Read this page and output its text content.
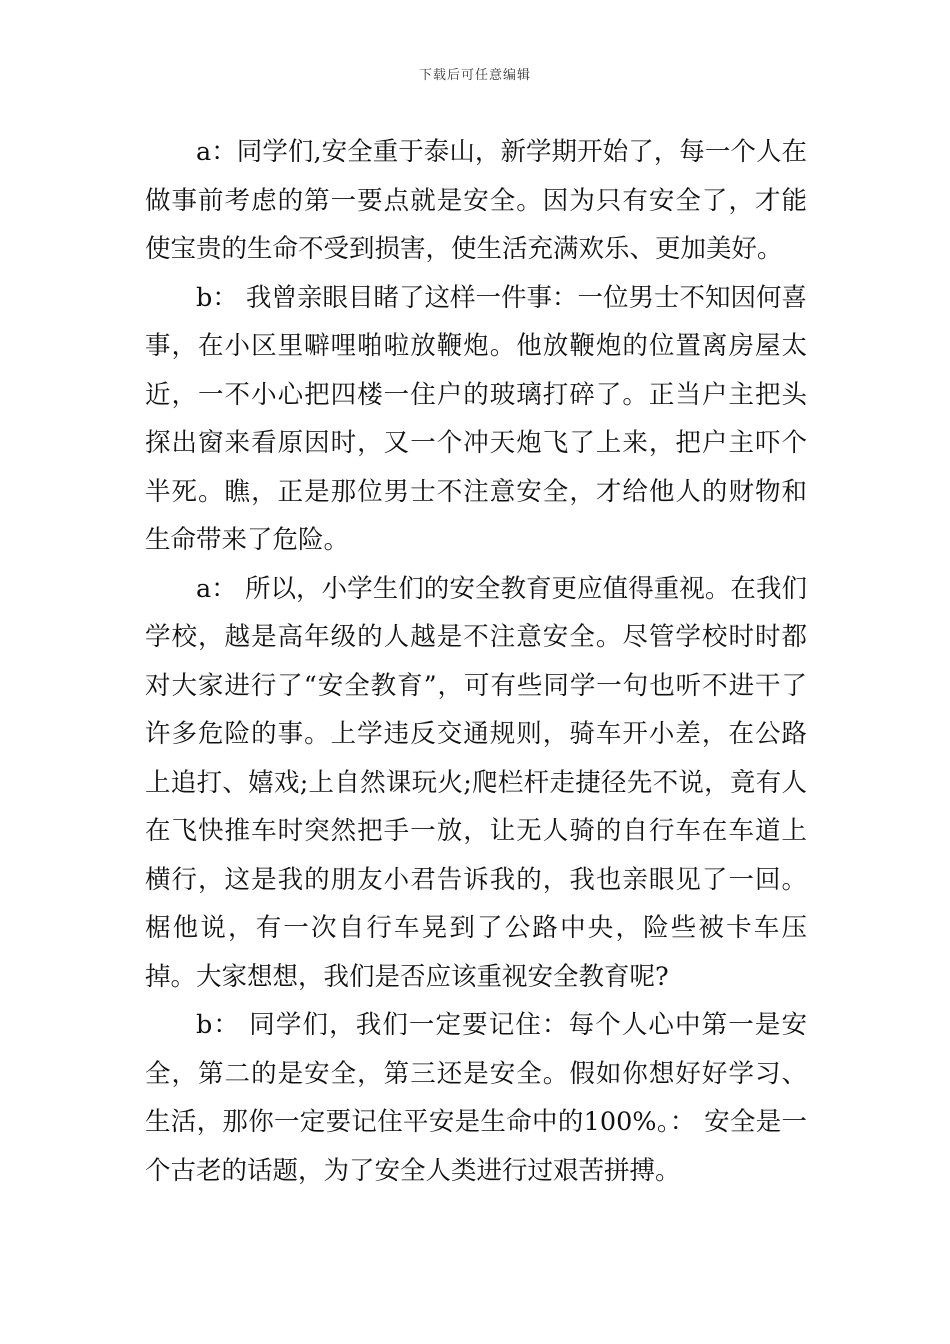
下载后可任意编辑

a：同学们,安全重于泰山，新学期开始了，每一个人在做事前考虑的第一要点就是安全。因为只有安全了，才能使宝贵的生命不受到损害，使生活充满欢乐、更加美好。

b： 我曾亲眼目睹了这样一件事：一位男士不知因何喜事，在小区里噼哩啪啦放鞭炮。他放鞭炮的位置离房屋太近，一不小心把四楼一住户的玻璃打碎了。正当户主把头探出窗来看原因时，又一个冲天炮飞了上来，把户主吓个半死。瞧，正是那位男士不注意安全，才给他人的财物和生命带来了危险。

a： 所以，小学生们的安全教育更应值得重视。在我们学校，越是高年级的人越是不注意安全。尽管学校时时都对大家进行了“安全教育”，可有些同学一句也听不进干了许多危险的事。上学违反交通规则，骑车开小差，在公路上追打、嬉戏;上自然课玩火;爬栏杆走捷径先不说，竟有人在飞快推车时突然把手一放，让无人骑的自行车在车道上横行，这是我的朋友小君告诉我的，我也亲眼见了一回。椐他说，有一次自行车晃到了公路中央，险些被卡车压掉。大家想想，我们是否应该重视安全教育呢?

b： 同学们，我们一定要记住：每个人心中第一是安全，第二的是安全，第三还是安全。假如你想好好学习、生活，那你一定要记住平安是生命中的100%。： 安全是一个古老的话题，为了安全人类进行过艰苦拼搏。
